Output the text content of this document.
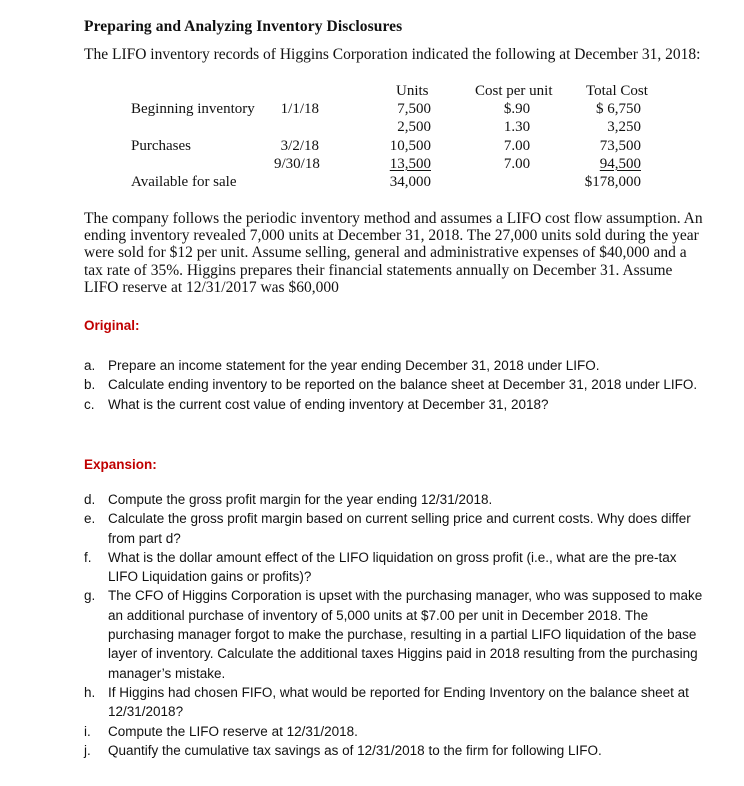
Preparing and Analyzing Inventory Disclosures
The LIFO inventory records of Higgins Corporation indicated the following at December 31, 2018:
Units	Cost per unit Total Cost
Beginning inventory	1/1/18	7,500	$.90	$ 6,750
2,500	1.30	3,250
Purchases	3/2/18	10,500	7.00	73,500
9/30/18	13,500	7.00	94,500
Available for sale	34,000	$178,000
The company follows the periodic inventory method and assumes a LIFO cost flow assumption. An ending inventory revealed 7,000 units at December 31, 2018. The 27,000 units sold during the year were sold for $12 per unit. Assume selling, general and administrative expenses of $40,000 and a tax rate of 35%. Higgins prepares their financial statements annually on December 31. Assume LIFO reserve at 12/31/2017 was $60,000
Original:
a. Prepare an income statement for the year ending December 31, 2018 under LIFO.
b. Calculate ending inventory to be reported on the balance sheet at December 31, 2018 under LIFO.
c. What is the current cost value of ending inventory at December 31, 2018?
Expansion:
d. Compute the gross profit margin for the year ending 12/31/2018.
e. Calculate the gross profit margin based on current selling price and current costs. Why does differ from part d?
f. What is the dollar amount effect of the LIFO liquidation on gross profit (i.e., what are the pre-tax LIFO Liquidation gains or profits)?
g. The CFO of Higgins Corporation is upset with the purchasing manager, who was supposed to make an additional purchase of inventory of 5,000 units at $7.00 per unit in December 2018. The purchasing manager forgot to make the purchase, resulting in a partial LIFO liquidation of the base layer of inventory. Calculate the additional taxes Higgins paid in 2018 resulting from the purchasing manager’s mistake.
h. If Higgins had chosen FIFO, what would be reported for Ending Inventory on the balance sheet at 12/31/2018?
i. Compute the LIFO reserve at 12/31/2018.
j. Quantify the cumulative tax savings as of 12/31/2018 to the firm for following LIFO.
